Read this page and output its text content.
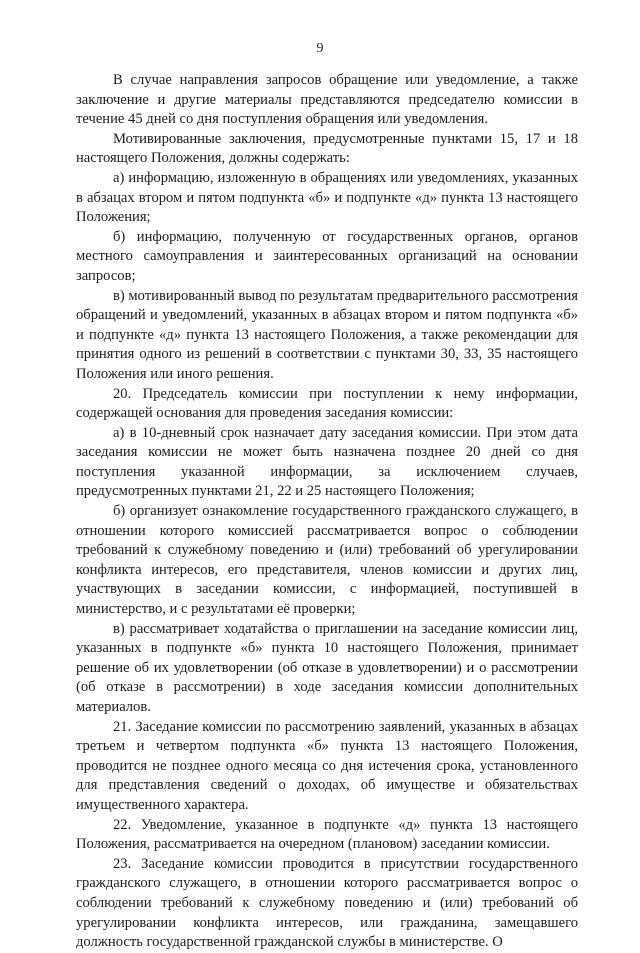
9

В случае направления запросов обращение или уведомление, а также заключение и другие материалы представляются председателю комиссии в течение 45 дней со дня поступления обращения или уведомления.

Мотивированные заключения, предусмотренные пунктами 15, 17 и 18 настоящего Положения, должны содержать:

а) информацию, изложенную в обращениях или уведомлениях, указанных в абзацах втором и пятом подпункта «б» и подпункте «д» пункта 13 настоящего Положения;

б) информацию, полученную от государственных органов, органов местного самоуправления и заинтересованных организаций на основании запросов;

в) мотивированный вывод по результатам предварительного рассмотрения обращений и уведомлений, указанных в абзацах втором и пятом подпункта «б» и подпункте «д» пункта 13 настоящего Положения, а также рекомендации для принятия одного из решений в соответствии с пунктами 30, 33, 35 настоящего Положения или иного решения.

20. Председатель комиссии при поступлении к нему информации, содержащей основания для проведения заседания комиссии:

а) в 10-дневный срок назначает дату заседания комиссии. При этом дата заседания комиссии не может быть назначена позднее 20 дней со дня поступления указанной информации, за исключением случаев, предусмотренных пунктами 21, 22 и 25 настоящего Положения;

б) организует ознакомление государственного гражданского служащего, в отношении которого комиссией рассматривается вопрос о соблюдении требований к служебному поведению и (или) требований об урегулировании конфликта интересов, его представителя, членов комиссии и других лиц, участвующих в заседании комиссии, с информацией, поступившей в министерство, и с результатами её проверки;

в) рассматривает ходатайства о приглашении на заседание комиссии лиц, указанных в подпункте «б» пункта 10 настоящего Положения, принимает решение об их удовлетворении (об отказе в удовлетворении) и о рассмотрении (об отказе в рассмотрении) в ходе заседания комиссии дополнительных материалов.

21. Заседание комиссии по рассмотрению заявлений, указанных в абзацах третьем и четвертом подпункта «б» пункта 13 настоящего Положения, проводится не позднее одного месяца со дня истечения срока, установленного для представления сведений о доходах, об имуществе и обязательствах имущественного характера.

22. Уведомление, указанное в подпункте «д» пункта 13 настоящего Положения, рассматривается на очередном (плановом) заседании комиссии.

23. Заседание комиссии проводится в присутствии государственного гражданского служащего, в отношении которого рассматривается вопрос о соблюдении требований к служебному поведению и (или) требований об урегулировании конфликта интересов, или гражданина, замещавшего должность государственной гражданской службы в министерстве. О
